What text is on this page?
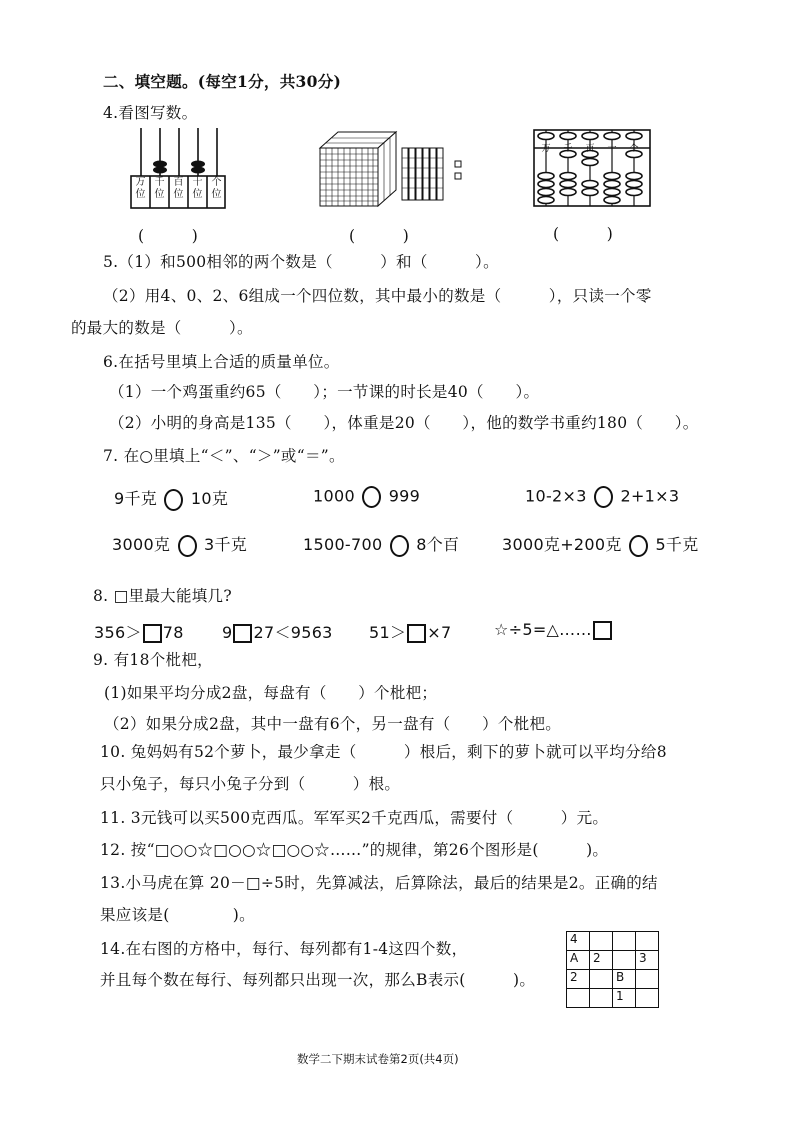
二、填空题。(每空1分，共30分)
4.看图写数。
万位
千位
百位
十位
个位
万	千	百	十	个
(　　　)	(　　　)	(　　　)
5.（1）和500相邻的两个数是（　　　）和（　　　）。
（2）用4、0、2、6组成一个四位数，其中最小的数是（　　　），只读一个零
的最大的数是（　　　）。
6.在括号里填上合适的质量单位。
（1）一个鸡蛋重约65（　　）；一节课的时长是40（　　）。
（2）小明的身高是135（　　），体重是20（　　），他的数学书重约180（　　）。
7. 在○里填上“＜”、“＞”或“＝”。
9千克 10克	1000 999	10-2×3 2+1×3
3000克 3千克	1500-700 8个百	3000克+200克 5千克
8. □里最大能填几?
356＞ 78 9 27＜9563 51＞ ×7	☆÷5=△……
9. 有18个枇杷，
(1)如果平均分成2盘，每盘有（　　）个枇杷；
（2）如果分成2盘，其中一盘有6个，另一盘有（　　）个枇杷。
10. 兔妈妈有52个萝卜，最少拿走（　　　）根后，剩下的萝卜就可以平均分给8
只小兔子，每只小兔子分到（　　　）根。
11. 3元钱可以买500克西瓜。军军买2千克西瓜，需要付（　　　）元。
12. 按“□○○☆□○○☆□○○☆……”的规律，第26个图形是(　　　)。
13.小马虎在算 20－□÷5时，先算减法，后算除法，最后的结果是2。正确的结
果应该是(　　　　)。
14.在右图的方格中，每行、每列都有1-4这四个数，
并且每个数在每行、每列都只出现一次，那么B表示(　　　)。
4			
A	2		3
2		B	
		1	
数学二下期末试卷第2页(共4页)
